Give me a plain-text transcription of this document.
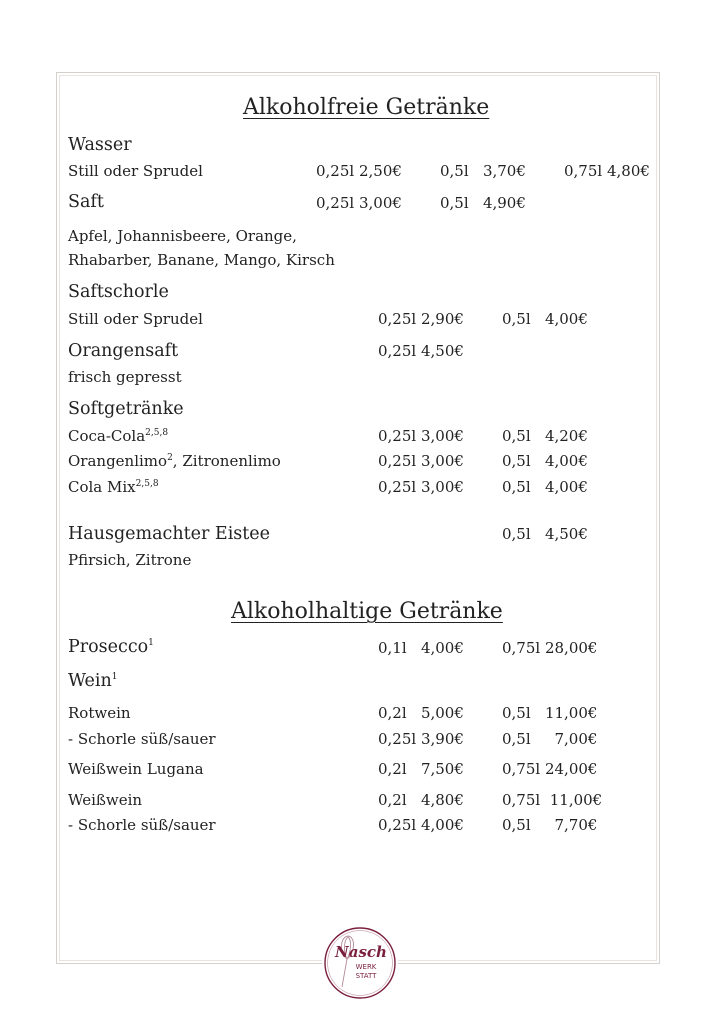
Alkoholfreie Getränke
Wasser
Still oder Sprudel	0,25l 2,50€	0,5l   3,70€	0,75l 4,80€
Saft	0,25l 3,00€	0,5l   4,90€
Apfel, Johannisbeere, Orange,
Rhabarber, Banane, Mango, Kirsch
Saftschorle
Still oder Sprudel	0,25l 2,90€	0,5l   4,00€
Orangensaft	0,25l 4,50€
frisch gepresst
Softgetränke
Coca-Cola$^{2,5,8}$	0,25l 3,00€	0,5l   4,20€
Orangenlimo$^2$, Zitronenlimo	0,25l 3,00€	0,5l   4,00€
Cola Mix$^{2,5,8}$	0,25l 3,00€	0,5l   4,00€
Hausgemachter Eistee	0,5l   4,50€
Pfirsich, Zitrone
Alkoholhaltige Getränke
Prosecco$^1$	0,1l   4,00€	0,75l 28,00€
Wein$^1$
Rotwein	0,2l   5,00€	0,5l   11,00€
- Schorle süß/sauer	0,25l 3,90€	0,5l     7,00€
Weißwein Lugana	0,2l   7,50€	0,75l 24,00€
Weißwein	0,2l   4,80€	0,75l  11,00€
- Schorle süß/sauer	0,25l 4,00€	0,5l     7,70€
Nasch
WERK
STATT
